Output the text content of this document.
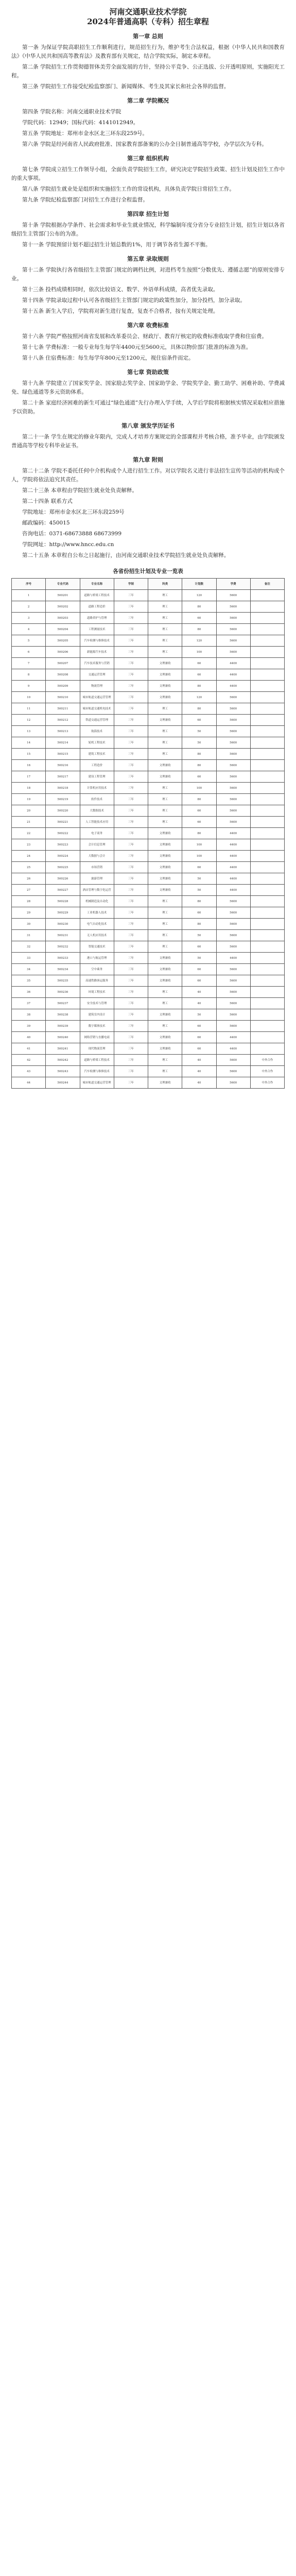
河南交通职业技术学院
2024年普通高职（专科）招生章程
第一章 总则

第一条 为保证学院高职招生工作顺利进行，规范招生行为，维护考生合法权益，根据《中华人民共和国教育法》《中华人民共和国高等教育法》及教育部有关规定，结合学院实际，制定本章程。

第二条 学院招生工作贯彻德智体美劳全面发展的方针，坚持公平竞争、公正选拔、公开透明原则，实施阳光工程。

第三条 学院招生工作接受纪检监察部门、新闻媒体、考生及其家长和社会各界的监督。

第二章 学院概况

第四条 学院名称：河南交通职业技术学院

学院代码：12949；国标代码：4141012949。

第五条 学院地址：郑州市金水区北三环东段259号。

第六条 学院是经河南省人民政府批准、国家教育部备案的公办全日制普通高等学校，办学层次为专科。

第三章 组织机构

第七条 学院成立招生工作领导小组，全面负责学院招生工作，研究决定学院招生政策、招生计划及招生工作中的重大事项。

第八条 学院招生就业处是组织和实施招生工作的常设机构，具体负责学院日常招生工作。

第九条 学院纪检监察部门对招生工作进行全程监督。

第四章 招生计划

第十条 学院根据办学条件、社会需求和毕业生就业情况，科学编制年度分省分专业招生计划，招生计划以各省级招生主管部门公布的为准。

第十一条 学院预留计划不超过招生计划总数的1%，用于调节各省生源不平衡。

第五章 录取规则

第十二条 学院执行各省级招生主管部门规定的调档比例，对进档考生按照“分数优先、遵循志愿”的原则安排专业。

第十三条 投档成绩相同时，依次比较语文、数学、外语单科成绩，高者优先录取。

第十四条 学院录取过程中认可各省级招生主管部门规定的政策性加分，加分投档，加分录取。

第十五条 新生入学后，学院将对新生进行复查，复查不合格者，按有关规定处理。

第六章 收费标准

第十六条 学院严格按照河南省发展和改革委员会、财政厅、教育厅核定的收费标准收取学费和住宿费。

第十七条 学费标准：一般专业每生每学年4400元至5600元，具体以物价部门批准的标准为准。

第十八条 住宿费标准：每生每学年800元至1200元，视住宿条件而定。

第七章 资助政策

第十九条 学院建立了国家奖学金、国家励志奖学金、国家助学金、学院奖学金、勤工助学、困难补助、学费减免、绿色通道等多元资助体系。

第二十条 家庭经济困难的新生可通过“绿色通道”先行办理入学手续，入学后学院将根据核实情况采取相应措施予以资助。

第八章 颁发学历证书

第二十一条 学生在规定的修业年限内，完成人才培养方案规定的全部课程并考核合格，准予毕业，由学院颁发普通高等学校专科毕业证书。

第九章 附则

第二十二条 学院不委托任何中介机构或个人进行招生工作。对以学院名义进行非法招生宣传等活动的机构或个人，学院将依法追究其责任。

第二十三条 本章程由学院招生就业处负责解释。

第二十四条 联系方式

学院地址：郑州市金水区北三环东段259号

邮政编码：450015

咨询电话：0371-68673888 68673999

学院网址：http://www.hncc.edu.cn

第二十五条 本章程自公布之日起施行，由河南交通职业技术学院招生就业处负责解释。

各省份招生计划及专业一览表
序号	专业代码	专业名称	学制	科类	计划数	学费	备注
1	500201	道路与桥梁工程技术	三年	理工	120	5600	
2	500202	道路工程造价	三年	理工	80	5600	
3	500203	道路养护与管理	三年	理工	60	5600	
4	500204	工程测量技术	三年	理工	80	5600	
5	500205	汽车检测与维修技术	三年	理工	120	5600	
6	500206	新能源汽车技术	三年	理工	100	5600	
7	500207	汽车技术服务与营销	三年	文理兼收	60	4400	
8	500208	交通运营管理	三年	文理兼收	60	4400	
9	500209	物流管理	三年	文理兼收	80	4400	
10	500210	城市轨道交通运营管理	三年	文理兼收	120	5600	
11	500211	城市轨道交通机电技术	三年	理工	80	5600	
12	500212	铁道交通运营管理	三年	文理兼收	60	5600	
13	500213	航海技术	三年	理工	50	5600	
14	500214	轮机工程技术	三年	理工	50	5600	
15	500215	建筑工程技术	三年	理工	80	5600	
16	500216	工程造价	三年	文理兼收	80	5600	
17	500217	建设工程管理	三年	文理兼收	60	5600	
18	500218	计算机应用技术	三年	理工	100	5600	
19	500219	软件技术	三年	理工	80	5600	
20	500220	大数据技术	三年	理工	60	5600	
21	500221	人工智能技术应用	三年	理工	60	5600	
22	500222	电子商务	三年	文理兼收	80	4400	
23	500223	会计信息管理	三年	文理兼收	100	4400	
24	500224	大数据与会计	三年	文理兼收	100	4400	
25	500225	市场营销	三年	文理兼收	60	4400	
26	500226	旅游管理	三年	文理兼收	50	4400	
27	500227	酒店管理与数字化运营	三年	文理兼收	50	4400	
28	500228	机械制造及自动化	三年	理工	80	5600	
29	500229	工业机器人技术	三年	理工	60	5600	
30	500230	电气自动化技术	三年	理工	80	5600	
31	500231	无人机应用技术	三年	理工	50	5600	
32	500232	智能交通技术	三年	理工	60	5600	
33	500233	港口与航运管理	三年	文理兼收	50	4400	
34	500234	空中乘务	三年	文理兼收	60	5600	
35	500235	高速铁路客运服务	三年	文理兼收	60	5600	
36	500236	环境工程技术	三年	理工	40	5600	
37	500237	安全技术与管理	三年	理工	40	5600	
38	500238	建筑室内设计	三年	文理兼收	50	5600	
39	500239	数字媒体技术	三年	理工	60	5600	
40	500240	网络营销与直播电商	三年	文理兼收	60	4400	
41	500241	现代物流管理	三年	文理兼收	60	4400	
42	500242	道路与桥梁工程技术	三年	理工	40	5600	中外合作
43	500243	汽车检测与维修技术	三年	理工	40	5600	中外合作
44	500244	城市轨道交通运营管理	三年	文理兼收	40	5600	中外合作
